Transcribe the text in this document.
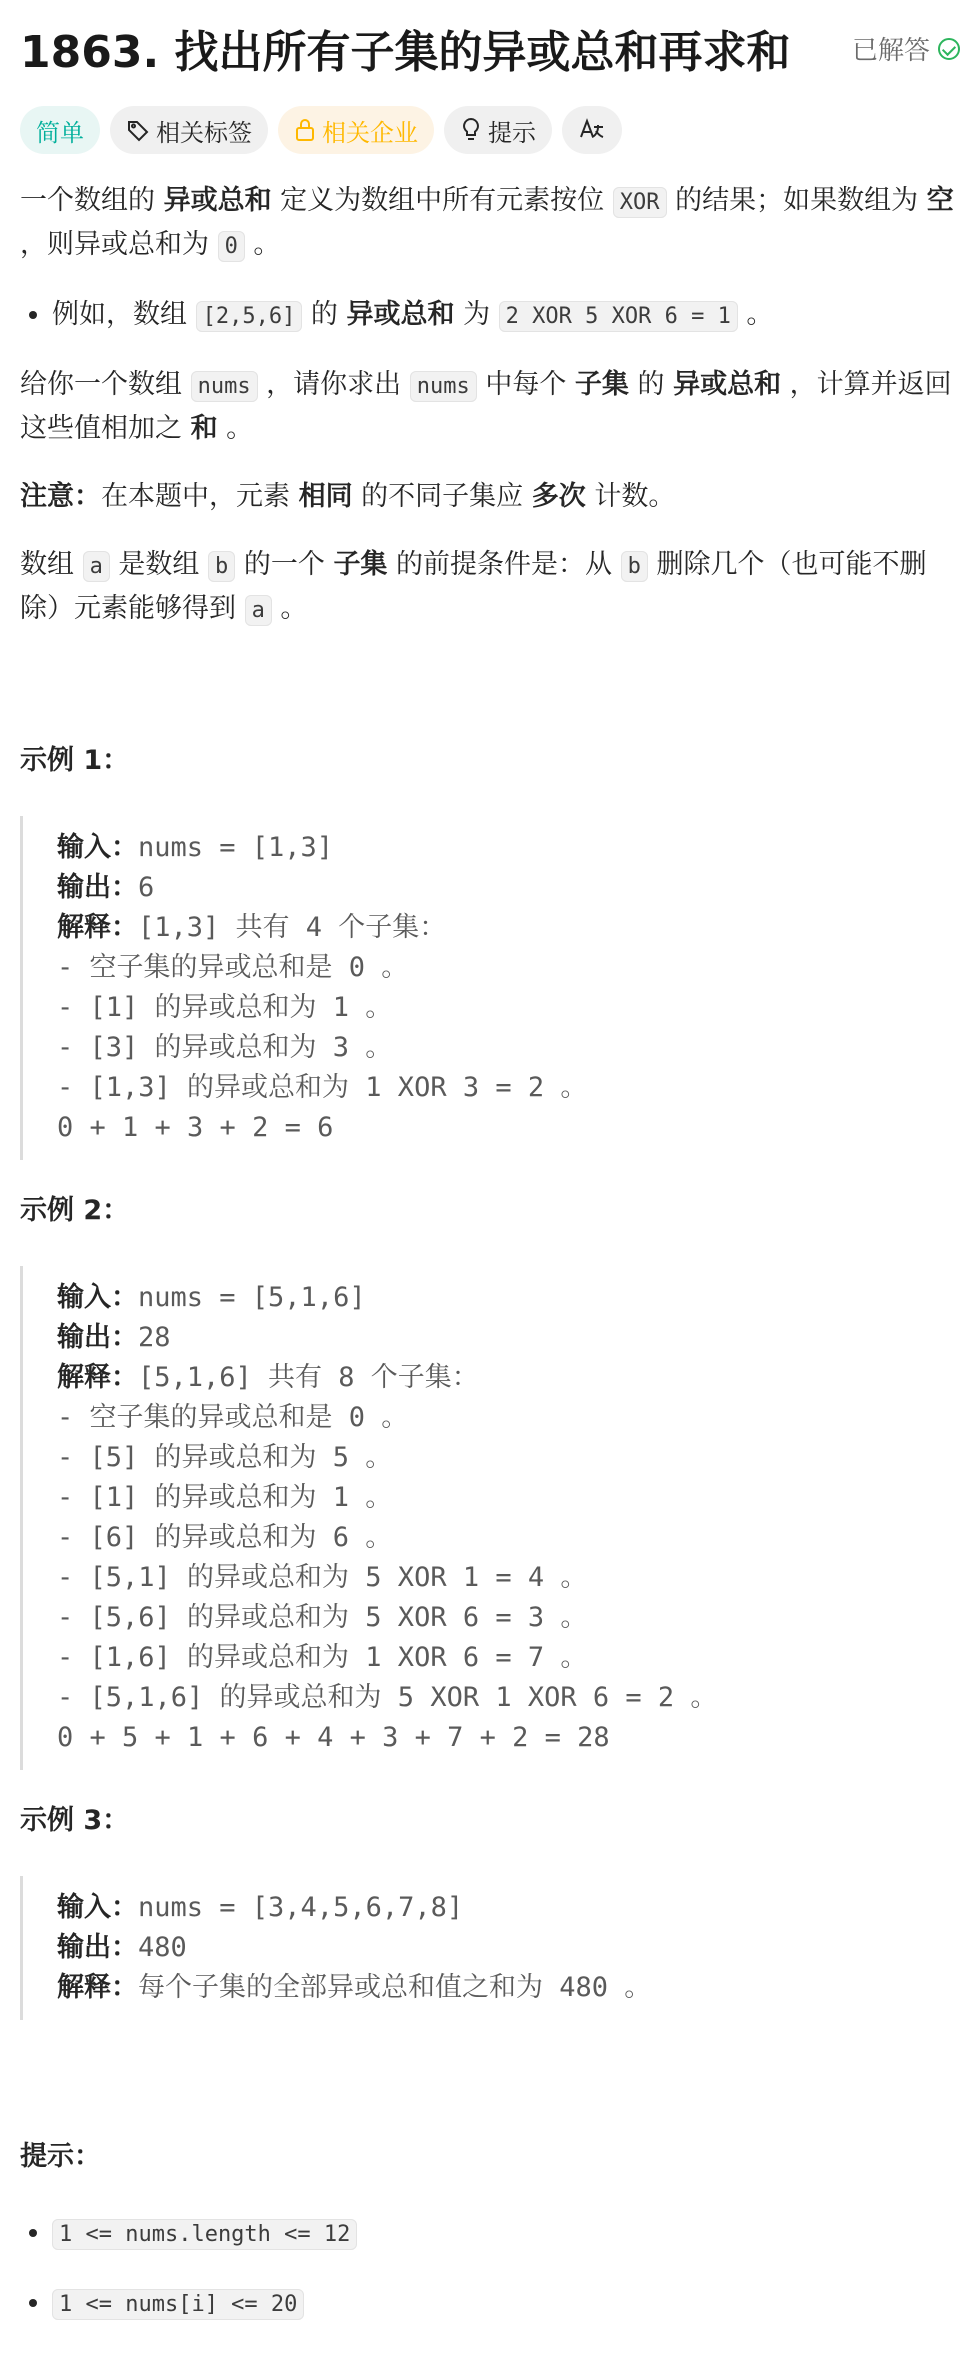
1863. 找出所有子集的异或总和再求和	已解答
简单	相关标签	相关企业	提示

一个数组的 异或总和 定义为数组中所有元素按位 XOR 的结果；如果数组为 空 ，则异或总和为 0 。

• 例如，数组 [2,5,6] 的 异或总和 为 2 XOR 5 XOR 6 = 1 。

给你一个数组 nums ，请你求出 nums 中每个 子集 的 异或总和 ，计算并返回这些值相加之 和 。

注意：在本题中，元素 相同 的不同子集应 多次 计数。

数组 a 是数组 b 的一个 子集 的前提条件是：从 b 删除几个（也可能不删除）元素能够得到 a 。

示例 1：
输入：nums = [1,3]
输出：6
解释：[1,3] 共有 4 个子集：
- 空子集的异或总和是 0 。
- [1] 的异或总和为 1 。
- [3] 的异或总和为 3 。
- [1,3] 的异或总和为 1 XOR 3 = 2 。
0 + 1 + 3 + 2 = 6
示例 2：
输入：nums = [5,1,6]
输出：28
解释：[5,1,6] 共有 8 个子集：
- 空子集的异或总和是 0 。
- [5] 的异或总和为 5 。
- [1] 的异或总和为 1 。
- [6] 的异或总和为 6 。
- [5,1] 的异或总和为 5 XOR 1 = 4 。
- [5,6] 的异或总和为 5 XOR 6 = 3 。
- [1,6] 的异或总和为 1 XOR 6 = 7 。
- [5,1,6] 的异或总和为 5 XOR 1 XOR 6 = 2 。
0 + 5 + 1 + 6 + 4 + 3 + 7 + 2 = 28
示例 3：
输入：nums = [3,4,5,6,7,8]
输出：480
解释：每个子集的全部异或总和值之和为 480 。
提示：
• 1 <= nums.length <= 12
• 1 <= nums[i] <= 20
